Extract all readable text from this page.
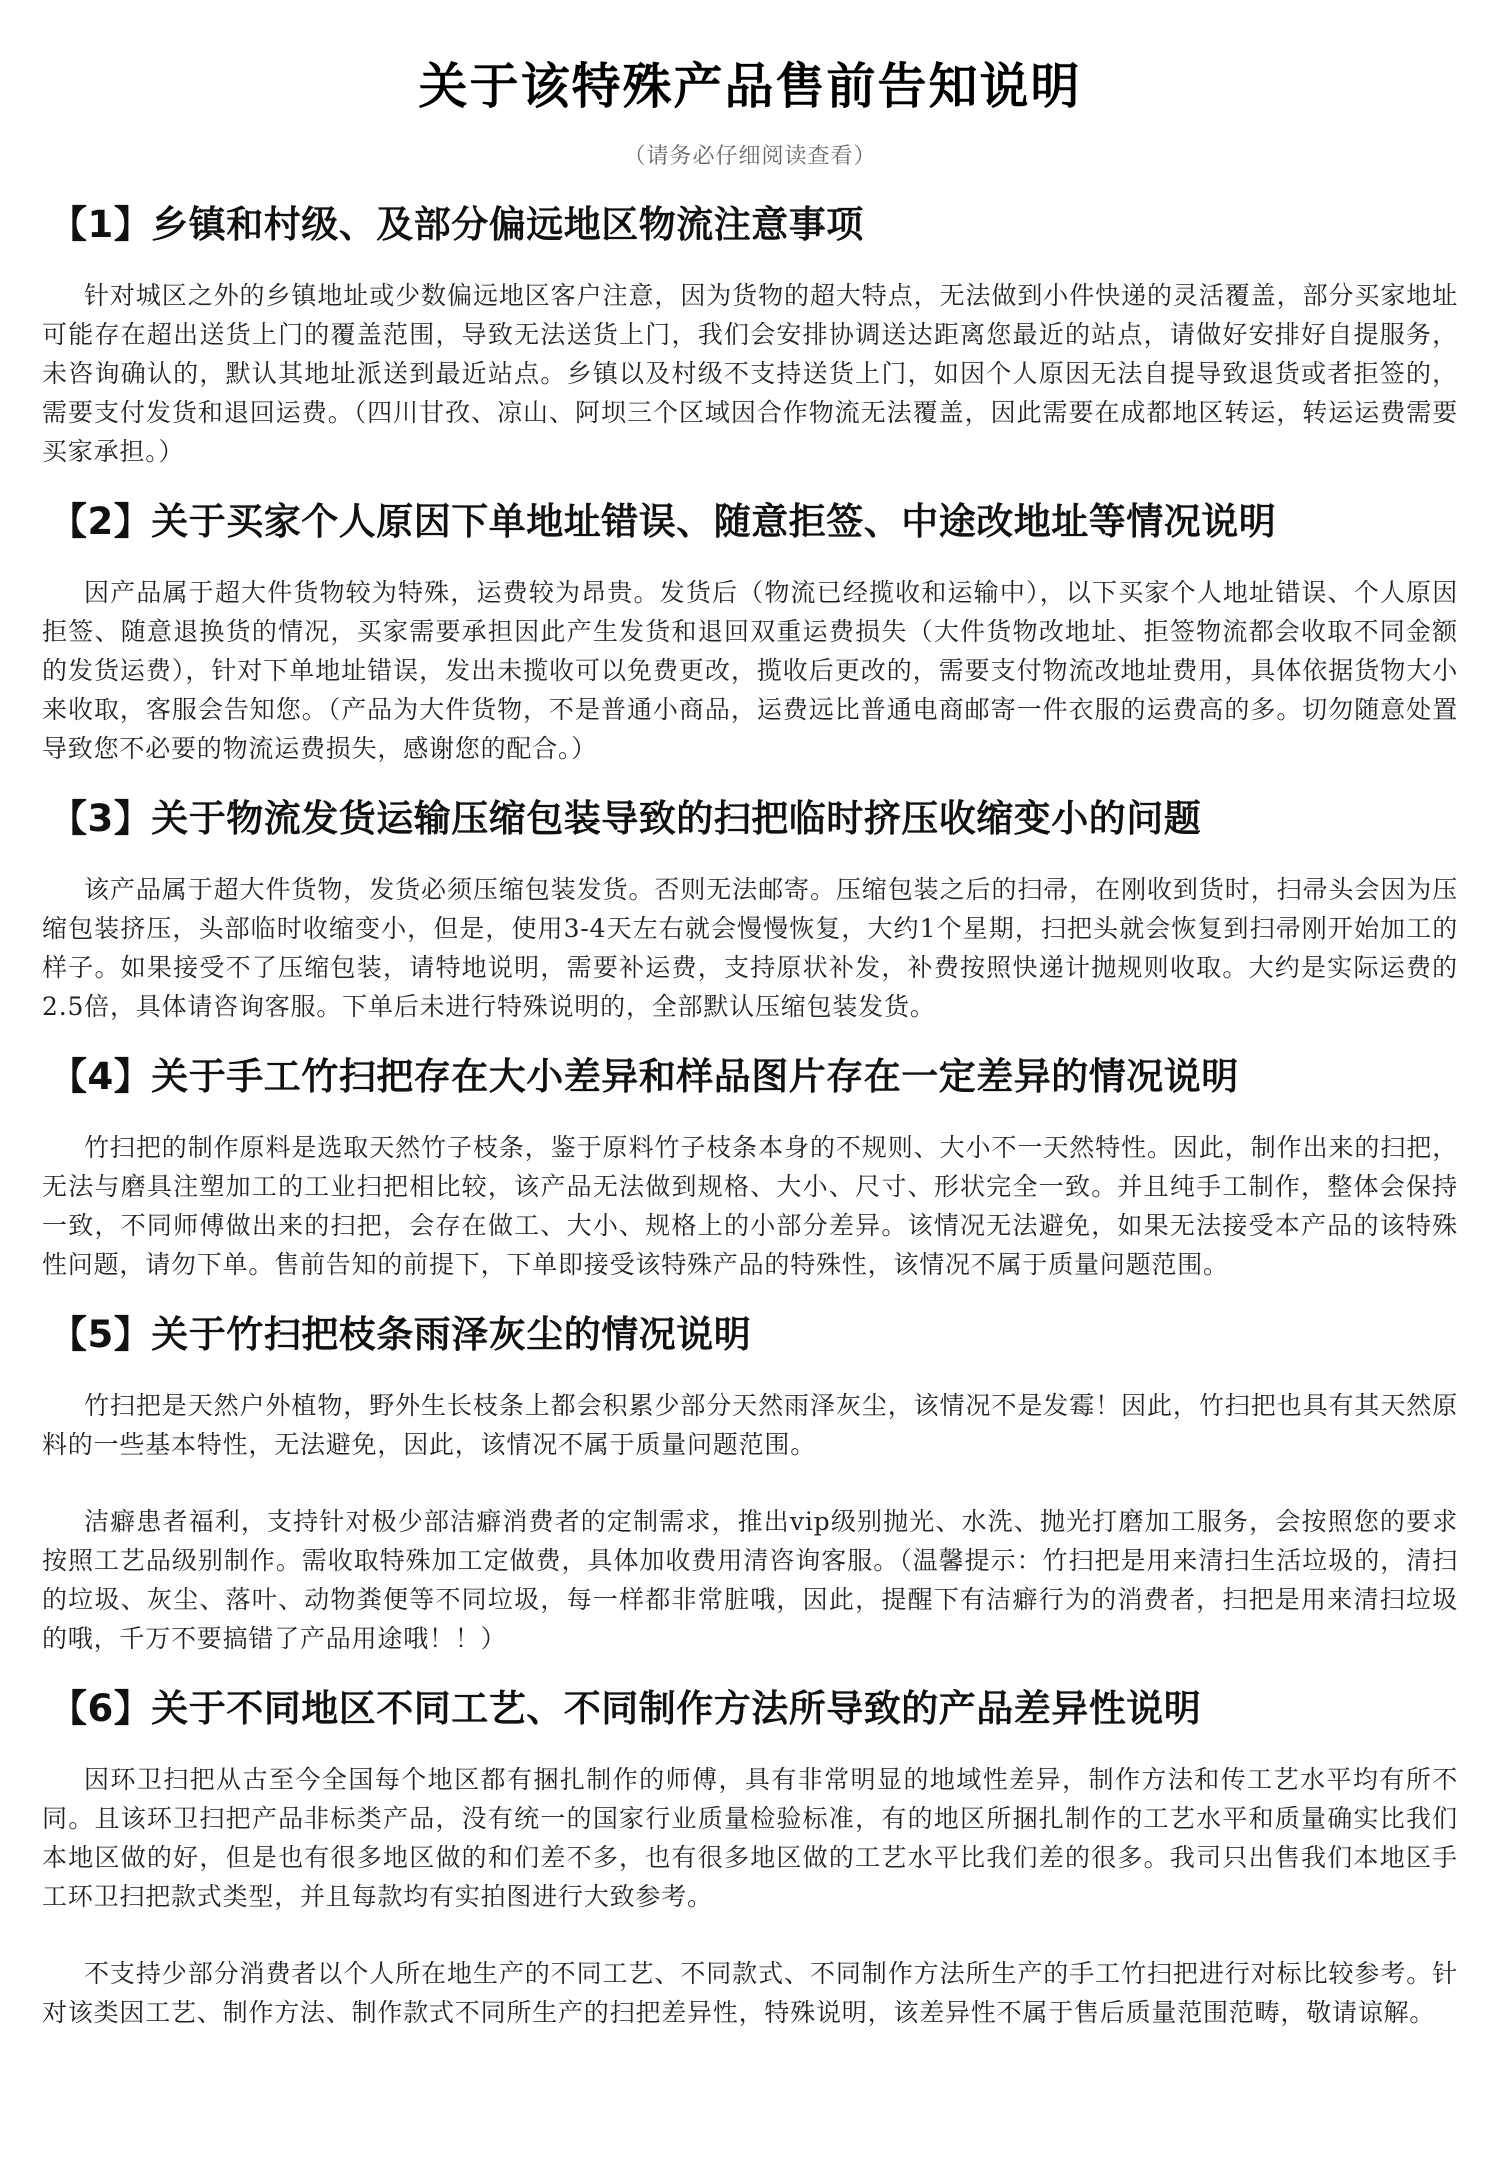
关于该特殊产品售前告知说明
（请务必仔细阅读查看）
【1】乡镇和村级、及部分偏远地区物流注意事项

针对城区之外的乡镇地址或少数偏远地区客户注意，因为货物的超大特点，无法做到小件快递的灵活覆盖，部分买家地址可能存在超出送货上门的覆盖范围，导致无法送货上门，我们会安排协调送达距离您最近的站点，请做好安排好自提服务，未咨询确认的，默认其地址派送到最近站点。乡镇以及村级不支持送货上门，如因个人原因无法自提导致退货或者拒签的，需要支付发货和退回运费。（四川甘孜、凉山、阿坝三个区域因合作物流无法覆盖，因此需要在成都地区转运，转运运费需要买家承担。）

【2】关于买家个人原因下单地址错误、随意拒签、中途改地址等情况说明

因产品属于超大件货物较为特殊，运费较为昂贵。发货后（物流已经揽收和运输中），以下买家个人地址错误、个人原因拒签、随意退换货的情况，买家需要承担因此产生发货和退回双重运费损失（大件货物改地址、拒签物流都会收取不同金额的发货运费），针对下单地址错误，发出未揽收可以免费更改，揽收后更改的，需要支付物流改地址费用，具体依据货物大小来收取，客服会告知您。（产品为大件货物，不是普通小商品，运费远比普通电商邮寄一件衣服的运费高的多。切勿随意处置导致您不必要的物流运费损失，感谢您的配合。）

【3】关于物流发货运输压缩包装导致的扫把临时挤压收缩变小的问题

该产品属于超大件货物，发货必须压缩包装发货。否则无法邮寄。压缩包装之后的扫帚，在刚收到货时，扫帚头会因为压缩包装挤压，头部临时收缩变小，但是，使用3-4天左右就会慢慢恢复，大约1个星期，扫把头就会恢复到扫帚刚开始加工的样子。如果接受不了压缩包装，请特地说明，需要补运费，支持原状补发，补费按照快递计抛规则收取。大约是实际运费的2.5倍，具体请咨询客服。下单后未进行特殊说明的，全部默认压缩包装发货。

【4】关于手工竹扫把存在大小差异和样品图片存在一定差异的情况说明

竹扫把的制作原料是选取天然竹子枝条，鉴于原料竹子枝条本身的不规则、大小不一天然特性。因此，制作出来的扫把，无法与磨具注塑加工的工业扫把相比较，该产品无法做到规格、大小、尺寸、形状完全一致。并且纯手工制作，整体会保持一致，不同师傅做出来的扫把，会存在做工、大小、规格上的小部分差异。该情况无法避免，如果无法接受本产品的该特殊性问题，请勿下单。售前告知的前提下，下单即接受该特殊产品的特殊性，该情况不属于质量问题范围。

【5】关于竹扫把枝条雨泽灰尘的情况说明

竹扫把是天然户外植物，野外生长枝条上都会积累少部分天然雨泽灰尘，该情况不是发霉！因此，竹扫把也具有其天然原料的一些基本特性，无法避免，因此，该情况不属于质量问题范围。

洁癖患者福利，支持针对极少部洁癖消费者的定制需求，推出vip级别抛光、水洗、抛光打磨加工服务，会按照您的要求按照工艺品级别制作。需收取特殊加工定做费，具体加收费用清咨询客服。（温馨提示：竹扫把是用来清扫生活垃圾的，清扫的垃圾、灰尘、落叶、动物粪便等不同垃圾，每一样都非常脏哦，因此，提醒下有洁癖行为的消费者，扫把是用来清扫垃圾的哦，千万不要搞错了产品用途哦！！）

【6】关于不同地区不同工艺、不同制作方法所导致的产品差异性说明

因环卫扫把从古至今全国每个地区都有捆扎制作的师傅，具有非常明显的地域性差异，制作方法和传工艺水平均有所不同。且该环卫扫把产品非标类产品，没有统一的国家行业质量检验标准，有的地区所捆扎制作的工艺水平和质量确实比我们本地区做的好，但是也有很多地区做的和们差不多，也有很多地区做的工艺水平比我们差的很多。我司只出售我们本地区手工环卫扫把款式类型，并且每款均有实拍图进行大致参考。

不支持少部分消费者以个人所在地生产的不同工艺、不同款式、不同制作方法所生产的手工竹扫把进行对标比较参考。针对该类因工艺、制作方法、制作款式不同所生产的扫把差异性，特殊说明，该差异性不属于售后质量范围范畴，敬请谅解。
